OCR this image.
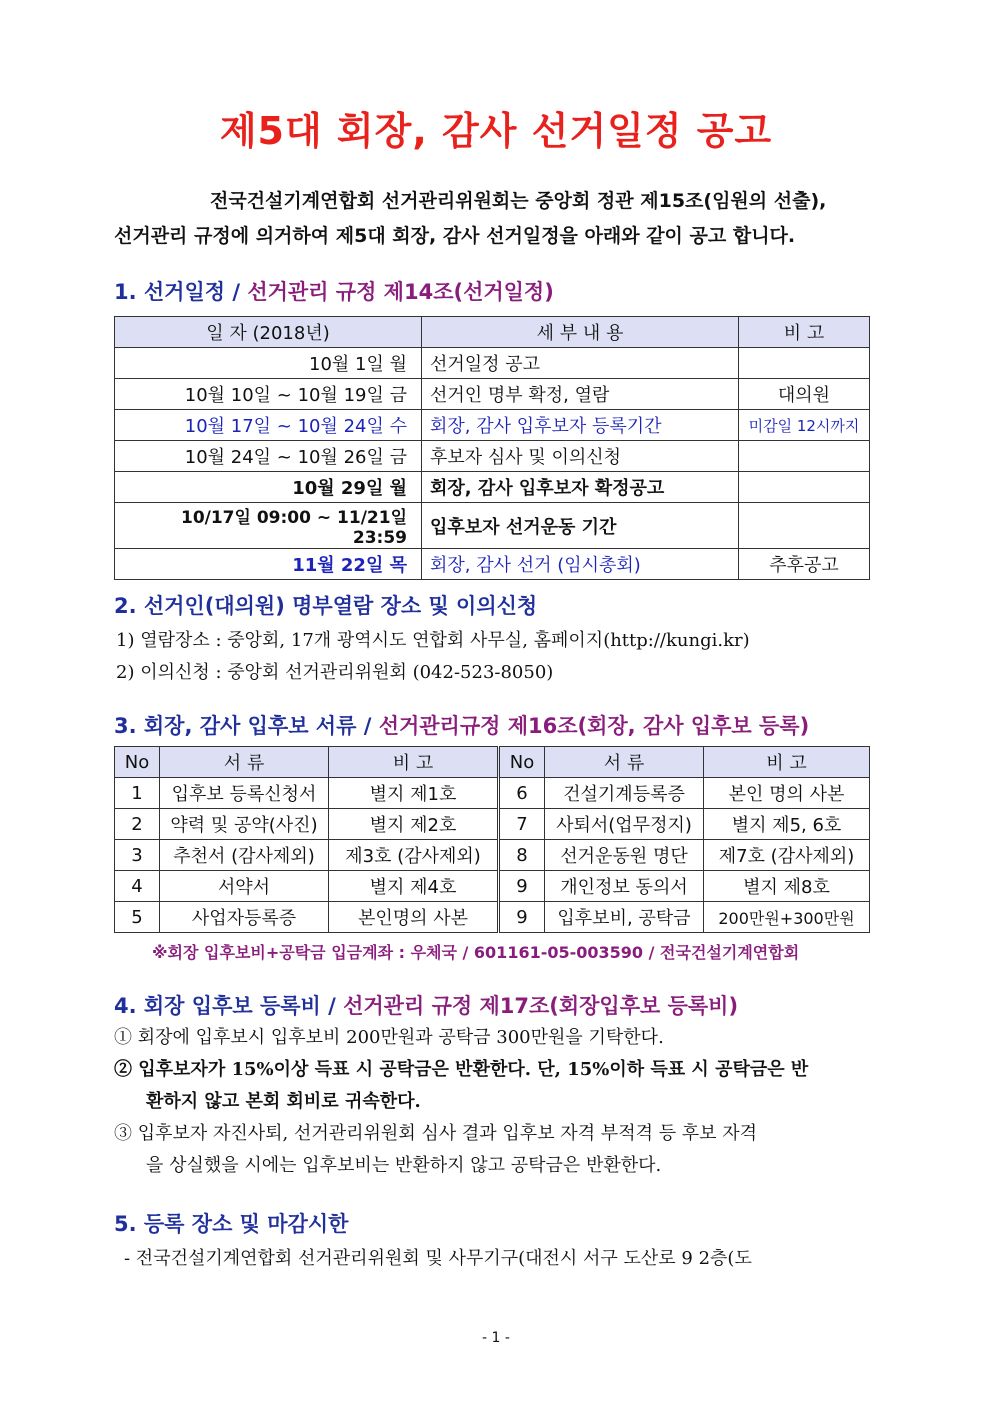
제5대 회장, 감사 선거일정 공고
전국건설기계연합회 선거관리위원회는 중앙회 정관 제15조(임원의 선출),
선거관리 규정에 의거하여 제5대 회장, 감사 선거일정을 아래와 같이 공고 합니다.
1. 선거일정 / 선거관리 규정 제14조(선거일정)
일 자 (2018년)	세 부 내 용	비 고
10월 1일 월	선거일정 공고	
10월 10일 ~ 10월 19일 금	선거인 명부 확정, 열람	대의원
10월 17일 ~ 10월 24일 수	회장, 감사 입후보자 등록기간	미감일 12시까지
10월 24일 ~ 10월 26일 금	후보자 심사 및 이의신청	
10월 29일 월	회장, 감사 입후보자 확정공고	
10/17일 09:00 ~ 11/21일 23:59	입후보자 선거운동 기간	
11월 22일 목	회장, 감사 선거 (임시총회)	추후공고
2. 선거인(대의원) 명부열람 장소 및 이의신청
1) 열람장소 : 중앙회, 17개 광역시도 연합회 사무실, 홈페이지(http://kungi.kr)
2) 이의신청 : 중앙회 선거관리위원회 (042-523-8050)
3. 회장, 감사 입후보 서류 / 선거관리규정 제16조(회장, 감사 입후보 등록)
No	서 류	비 고	No	서 류	비 고
1	입후보 등록신청서	별지 제1호	6	건설기계등록증	본인 명의 사본
2	약력 및 공약(사진)	별지 제2호	7	사퇴서(업무정지)	별지 제5, 6호
3	추천서 (감사제외)	제3호 (감사제외)	8	선거운동원 명단	제7호 (감사제외)
4	서약서	별지 제4호	9	개인정보 동의서	별지 제8호
5	사업자등록증	본인명의 사본	9	입후보비, 공탁금	200만원+300만원
※회장 입후보비+공탁금 입금계좌 : 우체국 / 601161-05-003590 / 전국건설기계연합회
4. 회장 입후보 등록비 / 선거관리 규정 제17조(회장입후보 등록비)
① 회장에 입후보시 입후보비 200만원과 공탁금 300만원을 기탁한다.
② 입후보자가 15%이상 득표 시 공탁금은 반환한다. 단, 15%이하 득표 시 공탁금은 반
환하지 않고 본회 회비로 귀속한다.
③ 입후보자 자진사퇴, 선거관리위원회 심사 결과 입후보 자격 부적격 등 후보 자격
을 상실했을 시에는 입후보비는 반환하지 않고 공탁금은 반환한다.
5. 등록 장소 및 마감시한
- 전국건설기계연합회 선거관리위원회 및 사무기구(대전시 서구 도산로 9 2층(도
- 1 -
